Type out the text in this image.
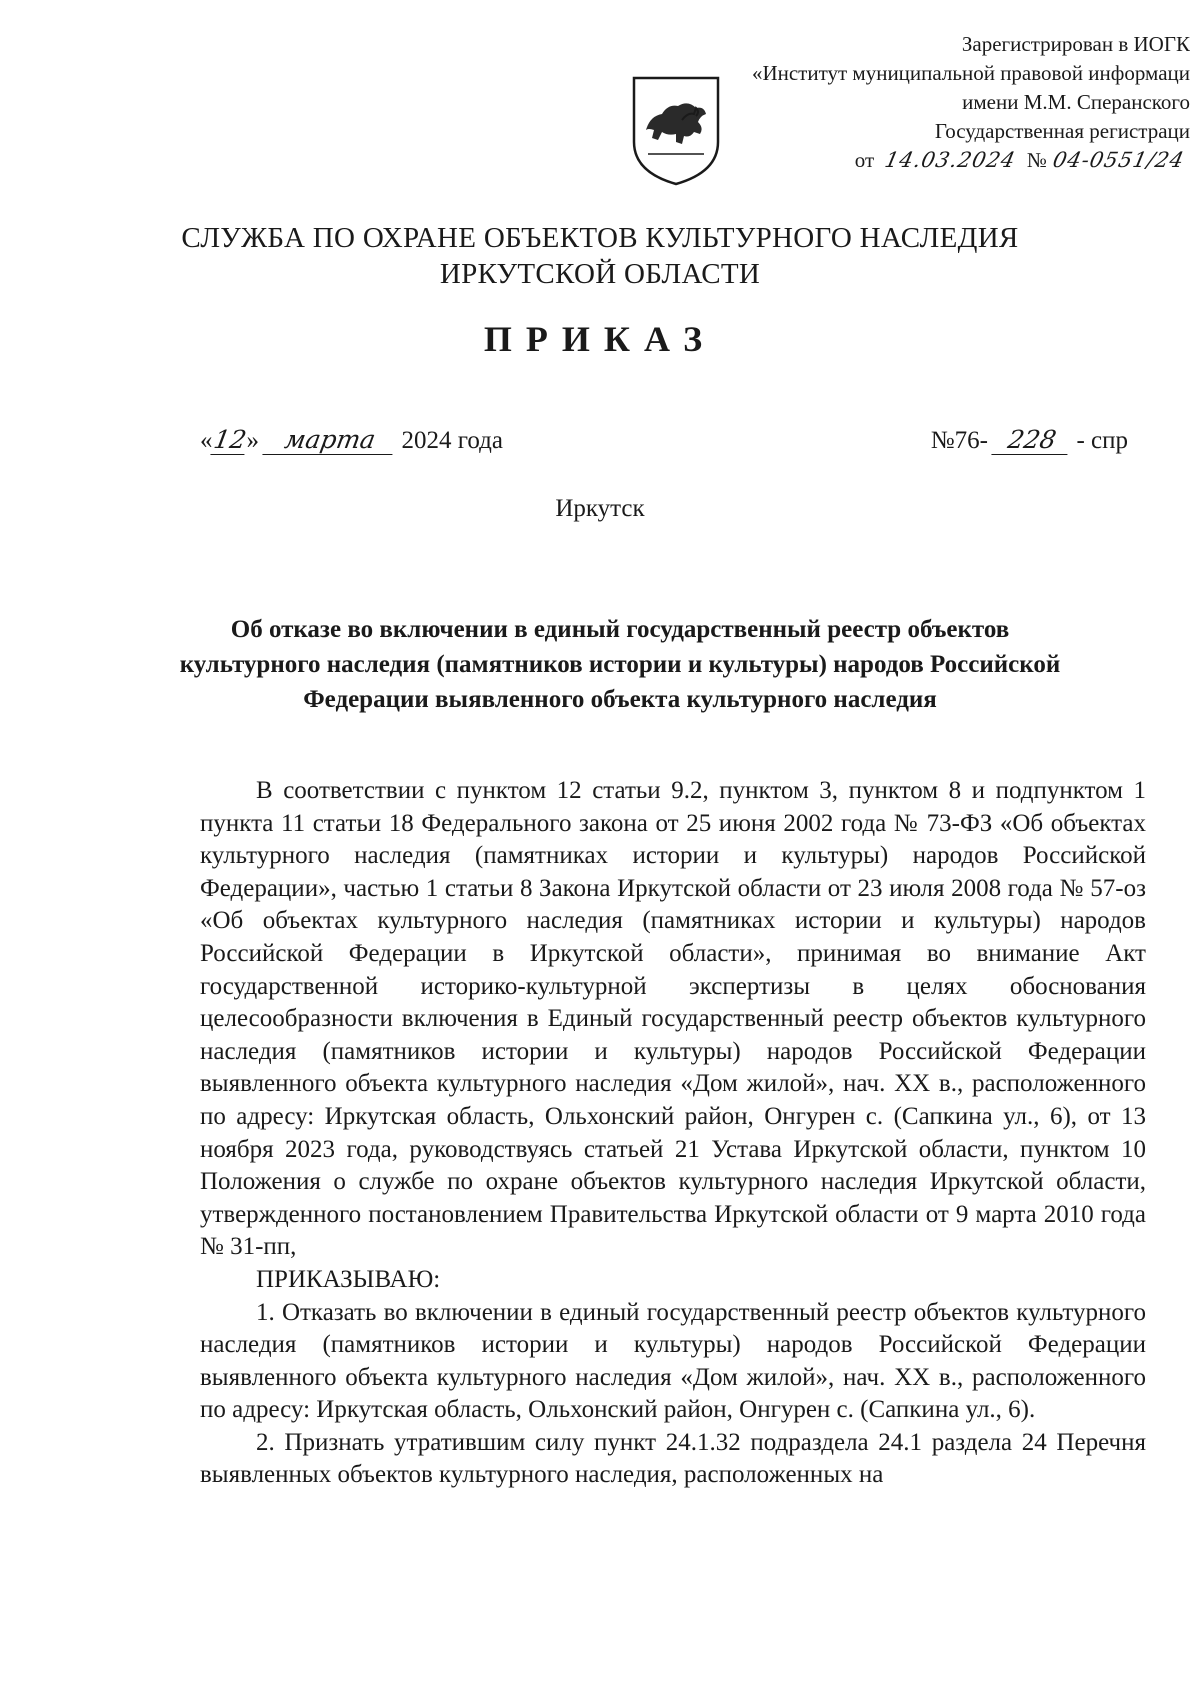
Зарегистрирован в ИОГК
«Институт муниципальной правовой информаци
имени М.М. Сперанского
Государственная регистраци
от 14.03.2024 № 04-0551/24
СЛУЖБА ПО ОХРАНЕ ОБЪЕКТОВ КУЛЬТУРНОГО НАСЛЕДИЯ
ИРКУТСКОЙ ОБЛАСТИ
ПРИКАЗ
«12» марта 2024 года	№76- 228 - спр
Иркутск
Об отказе во включении в единый государственный реестр объектов культурного наследия (памятников истории и культуры) народов Российской Федерации выявленного объекта культурного наследия

В соответствии с пунктом 12 статьи 9.2, пунктом 3, пунктом 8 и подпунктом 1 пункта 11 статьи 18 Федерального закона от 25 июня 2002 года № 73-ФЗ «Об объектах культурного наследия (памятниках истории и культуры) народов Российской Федерации», частью 1 статьи 8 Закона Иркутской области от 23 июля 2008 года № 57-оз «Об объектах культурного наследия (памятниках истории и культуры) народов Российской Федерации в Иркутской области», принимая во внимание Акт государственной историко-культурной экспертизы в целях обоснования целесообразности включения в Единый государственный реестр объектов культурного наследия (памятников истории и культуры) народов Российской Федерации выявленного объекта культурного наследия «Дом жилой», нач. XX в., расположенного по адресу: Иркутская область, Ольхонский район, Онгурен с. (Сапкина ул., 6), от 13 ноября 2023 года, руководствуясь статьей 21 Устава Иркутской области, пунктом 10 Положения о службе по охране объектов культурного наследия Иркутской области, утвержденного постановлением Правительства Иркутской области от 9 марта 2010 года № 31-пп,

ПРИКАЗЫВАЮ:

1. Отказать во включении в единый государственный реестр объектов культурного наследия (памятников истории и культуры) народов Российской Федерации выявленного объекта культурного наследия «Дом жилой», нач. XX в., расположенного по адресу: Иркутская область, Ольхонский район, Онгурен с. (Сапкина ул., 6).

2. Признать утратившим силу пункт 24.1.32 подраздела 24.1 раздела 24 Перечня выявленных объектов культурного наследия, расположенных на
